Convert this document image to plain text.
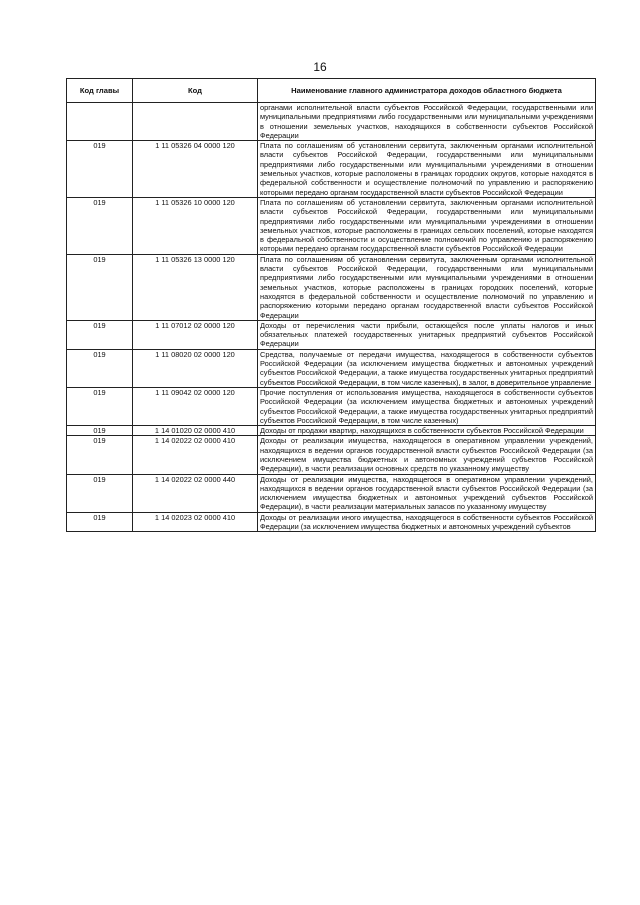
16
Код главы	Код	Наименование главного администратора доходов областного бюджета
		органами исполнительной власти субъектов Российской Федерации, государственными или муниципальными предприятиями либо государственными или муниципальными учреждениями в отношении земельных участков, находящихся в собственности субъектов Российской Федерации
019	1 11 05326 04 0000 120	Плата по соглашениям об установлении сервитута, заключенным органами исполнительной власти субъектов Российской Федерации, государственными или муниципальными предприятиями либо государственными или муниципальными учреждениями в отношении земельных участков, которые расположены в границах городских округов, которые находятся в федеральной собственности и осуществление полномочий по управлению и распоряжению которыми передано органам государственной власти субъектов Российской Федерации
019	1 11 05326 10 0000 120	Плата по соглашениям об установлении сервитута, заключенным органами исполнительной власти субъектов Российской Федерации, государственными или муниципальными предприятиями либо государственными или муниципальными учреждениями в отношении земельных участков, которые расположены в границах сельских поселений, которые находятся в федеральной собственности и осуществление полномочий по управлению и распоряжению которыми передано органам государственной власти субъектов Российской Федерации
019	1 11 05326 13 0000 120	Плата по соглашениям об установлении сервитута, заключенным органами исполнительной власти субъектов Российской Федерации, государственными или муниципальными предприятиями либо государственными или муниципальными учреждениями в отношении земельных участков, которые расположены в границах городских поселений, которые находятся в федеральной собственности и осуществление полномочий по управлению и распоряжению которыми передано органам государственной власти субъектов Российской Федерации
019	1 11 07012 02 0000 120	Доходы от перечисления части прибыли, остающейся после уплаты налогов и иных обязательных платежей государственных унитарных предприятий субъектов Российской Федерации
019	1 11 08020 02 0000 120	Средства, получаемые от передачи имущества, находящегося в собственности субъектов Российской Федерации (за исключением имущества бюджетных и автономных учреждений субъектов Российской Федерации, а также имущества государственных унитарных предприятий субъектов Российской Федерации, в том числе казенных), в залог, в доверительное управление
019	1 11 09042 02 0000 120	Прочие поступления от использования имущества, находящегося в собственности субъектов Российской Федерации (за исключением имущества бюджетных и автономных учреждений субъектов Российской Федерации, а также имущества государственных унитарных предприятий субъектов Российской Федерации, в том числе казенных)
019	1 14 01020 02 0000 410	Доходы от продажи квартир, находящихся в собственности субъектов Российской Федерации
019	1 14 02022 02 0000 410	Доходы от реализации имущества, находящегося в оперативном управлении учреждений, находящихся в ведении органов государственной власти субъектов Российской Федерации (за исключением имущества бюджетных и автономных учреждений субъектов Российской Федерации), в части реализации основных средств по указанному имуществу
019	1 14 02022 02 0000 440	Доходы от реализации имущества, находящегося в оперативном управлении учреждений, находящихся в ведении органов государственной власти субъектов Российской Федерации (за исключением имущества бюджетных и автономных учреждений субъектов Российской Федерации), в части реализации материальных запасов по указанному имуществу
019	1 14 02023 02 0000 410	Доходы от реализации иного имущества, находящегося в собственности субъектов Российской Федерации (за исключением имущества бюджетных и автономных учреждений субъектов
